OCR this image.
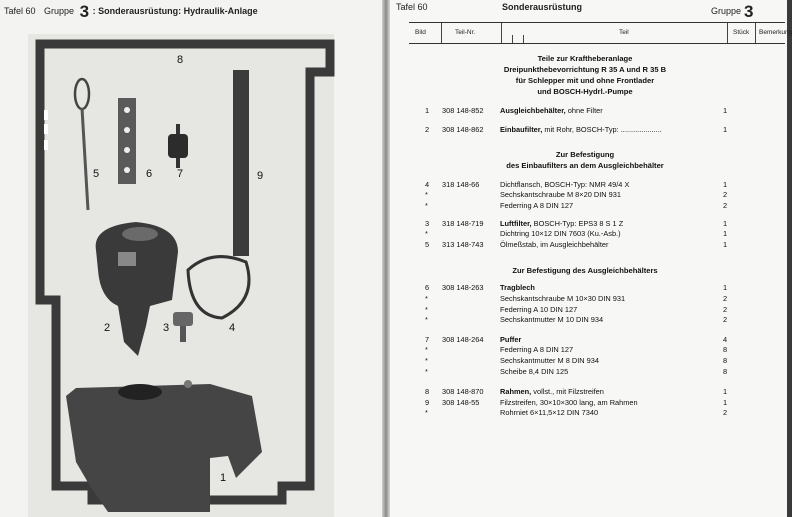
Tafel 60 Gruppe 3 : Sonderausrüstung: Hydraulik-Anlage
8
5	6 7	9
2	3	4
1
Tafel 60	Sonderausrüstung	Gruppe 3
Bild	Teil-Nr.	Teil	Stück Bemerkung
Teile zur Kraftheberanlage
Dreipunkthebevorrichtung R 35 A und R 35 B
für Schlepper mit und ohne Frontlader
und BOSCH-Hydrl.-Pumpe
Zur Befestigung
des Einbaufilters an dem Ausgleichbehälter
Zur Befestigung des Ausgleichbehälters
1 308 148-852 Ausgleichbehälter, ohne Filter	1
2 308 148-862 Einbaufilter, mit Rohr, BOSCH-Typ: ....................	1
4 318 148-66	Dichtflansch, BOSCH-Typ: NMR 49/4 X	1
*	Sechskantschraube M 8×20 DIN 931	2
*	Federring A 8 DIN 127	2
3 318 148-719 Luftfilter, BOSCH-Typ: EPS3 8 S 1 Z	1
*	Dichtring 10×12 DIN 7603 (Ku.-Asb.)	1
5 313 148-743 Ölmeßstab, im Ausgleichbehälter	1
6 308 148-263 Tragblech	1
*	Sechskantschraube M 10×30 DIN 931	2
*	Federring A 10 DIN 127	2
*	Sechskantmutter M 10 DIN 934	2
7 308 148-264 Puffer	4
*	Federring A 8 DIN 127	8
*	Sechskantmutter M 8 DIN 934	8
*	Scheibe 8,4 DIN 125	8
8 308 148-870 Rahmen, vollst., mit Filzstreifen	1
9 308 148-55	Filzstreifen, 30×10×300 lang, am Rahmen	1
*	Rohrniet 6×11,5×12 DIN 7340	2
